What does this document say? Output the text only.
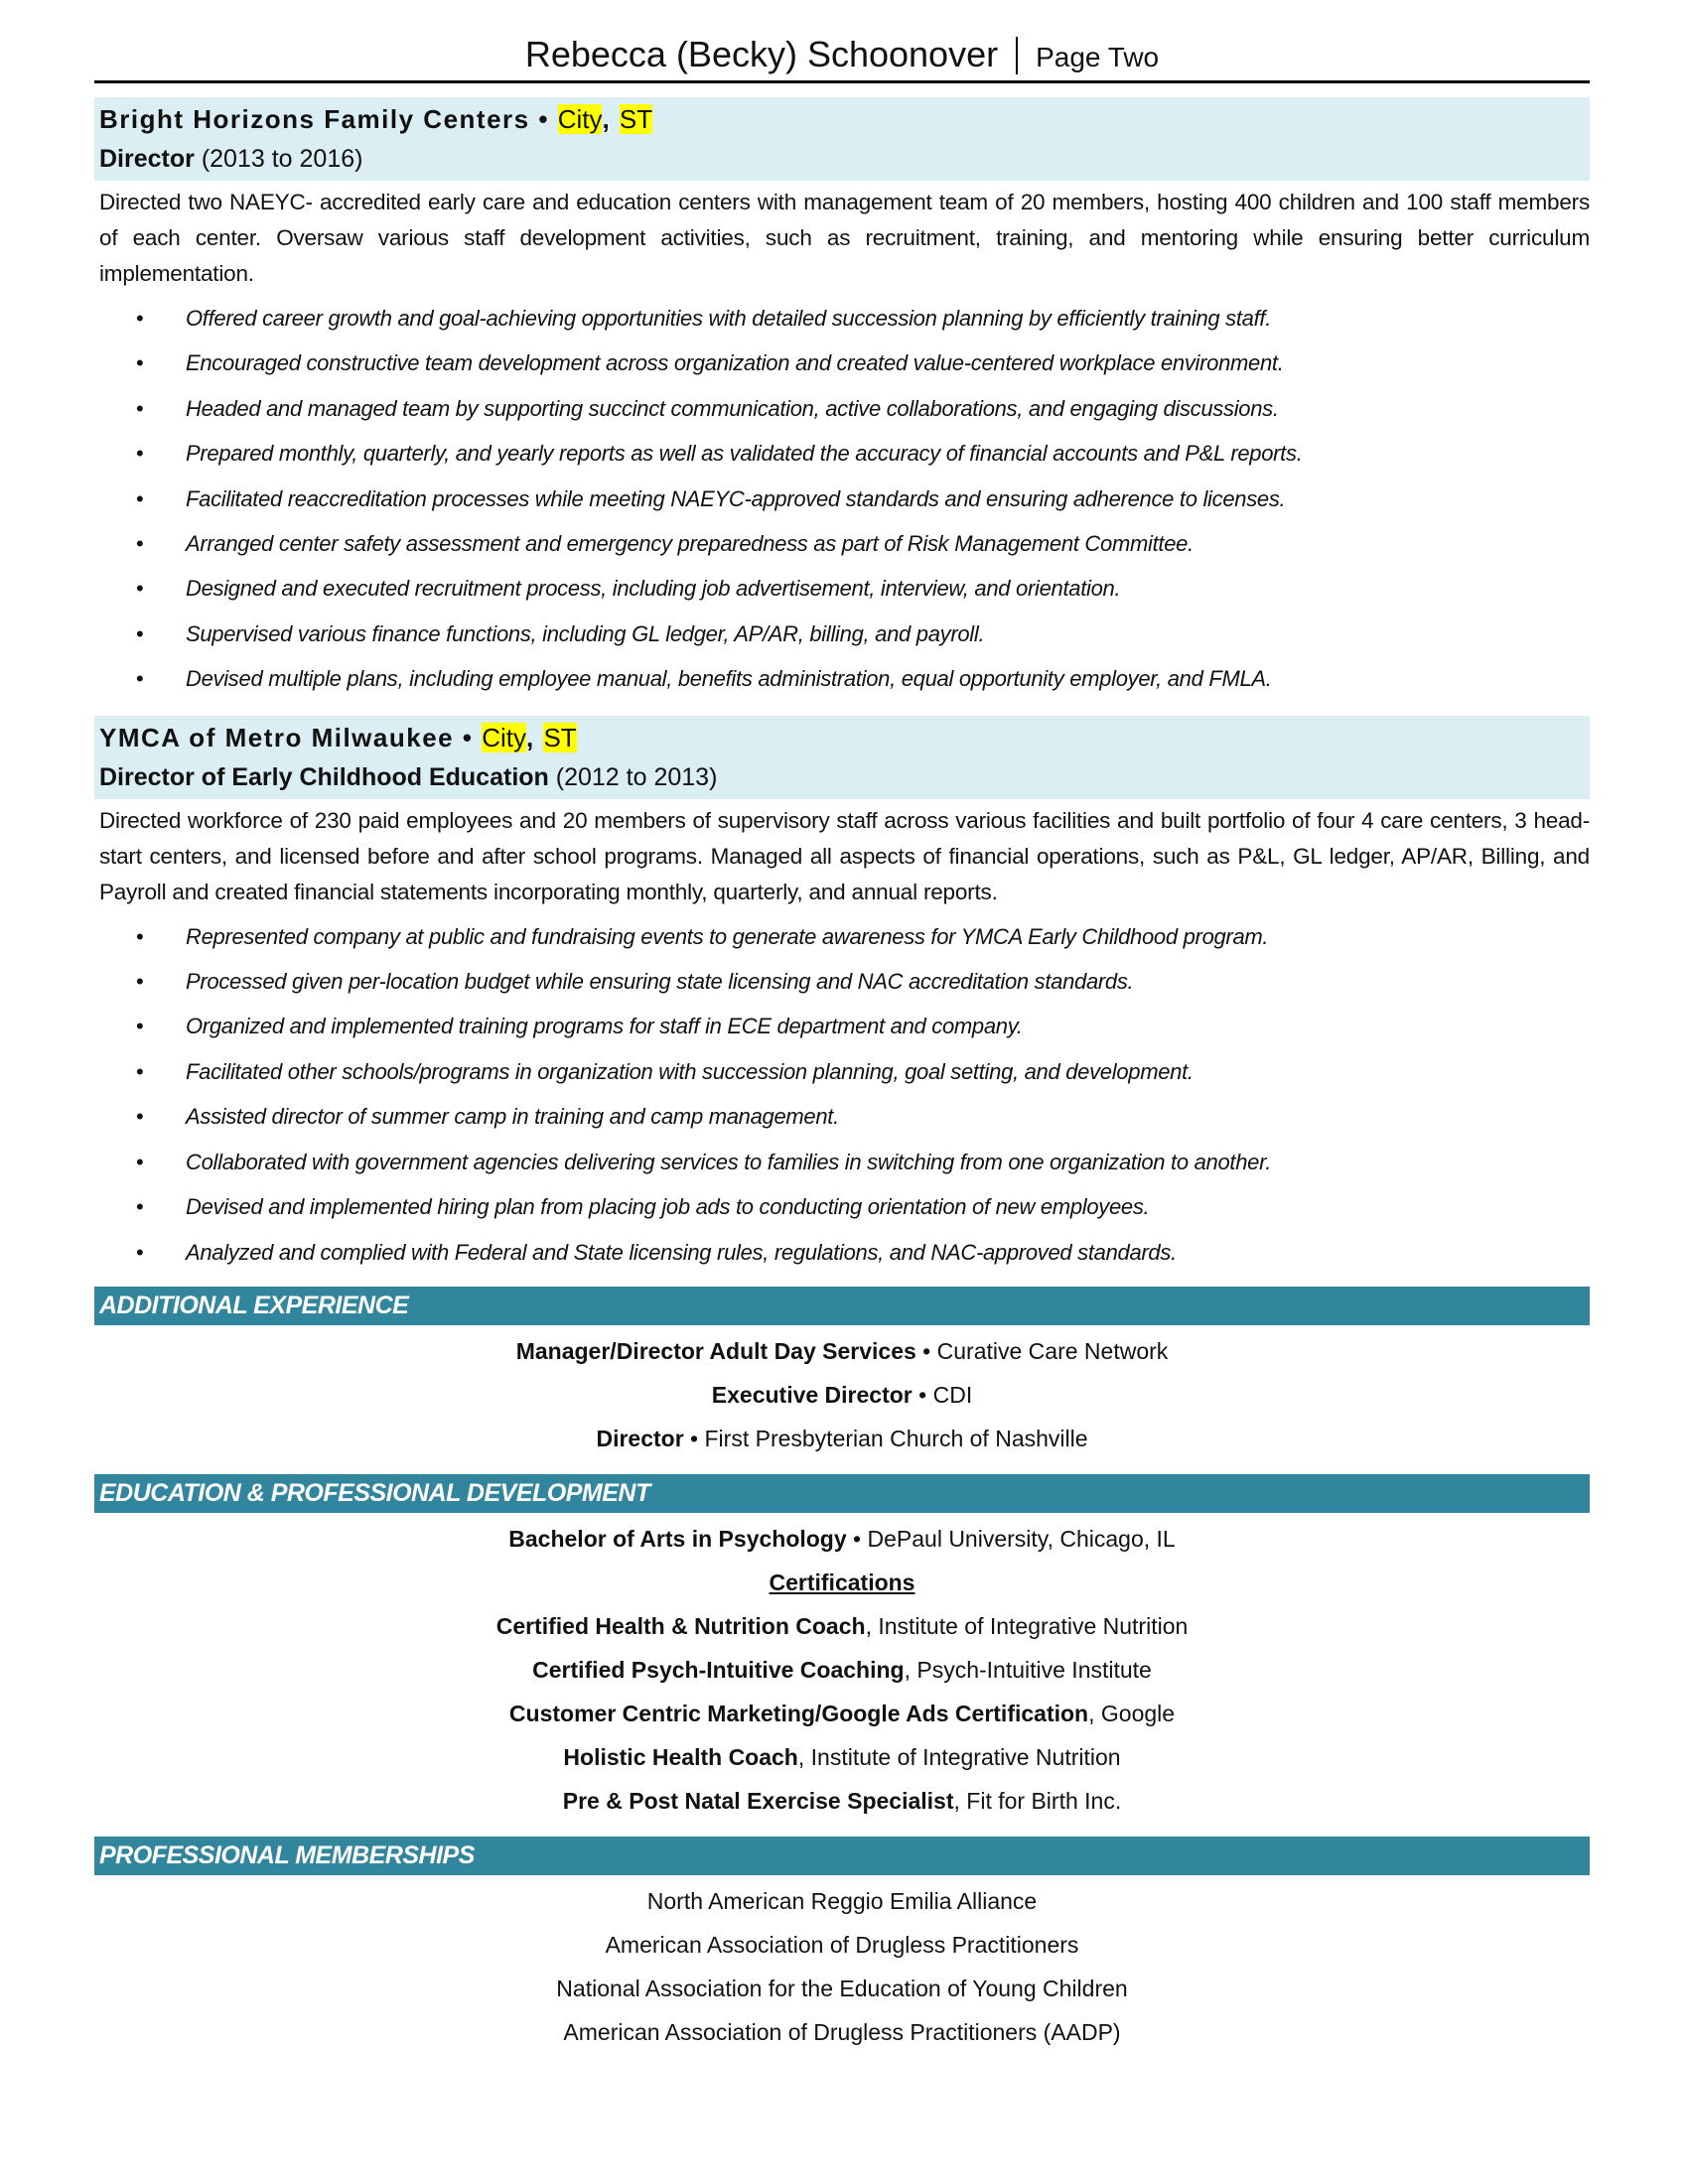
Rebecca (Becky) Schoonover Page Two
Bright Horizons Family Centers • City, ST
Director (2013 to 2016)
Directed two NAEYC- accredited early care and education centers with management team of 20 members, hosting 400 children and 100 staff members of each center. Oversaw various staff development activities, such as recruitment, training, and mentoring while ensuring better curriculum implementation.
• Offered career growth and goal-achieving opportunities with detailed succession planning by efficiently training staff.
• Encouraged constructive team development across organization and created value-centered workplace environment.
• Headed and managed team by supporting succinct communication, active collaborations, and engaging discussions.
• Prepared monthly, quarterly, and yearly reports as well as validated the accuracy of financial accounts and P&L reports.
• Facilitated reaccreditation processes while meeting NAEYC-approved standards and ensuring adherence to licenses.
• Arranged center safety assessment and emergency preparedness as part of Risk Management Committee.
• Designed and executed recruitment process, including job advertisement, interview, and orientation.
• Supervised various finance functions, including GL ledger, AP/AR, billing, and payroll.
• Devised multiple plans, including employee manual, benefits administration, equal opportunity employer, and FMLA.
YMCA of Metro Milwaukee • City, ST
Director of Early Childhood Education (2012 to 2013)
Directed workforce of 230 paid employees and 20 members of supervisory staff across various facilities and built portfolio of four 4 care centers, 3 head-start centers, and licensed before and after school programs. Managed all aspects of financial operations, such as P&L, GL ledger, AP/AR, Billing, and Payroll and created financial statements incorporating monthly, quarterly, and annual reports.
• Represented company at public and fundraising events to generate awareness for YMCA Early Childhood program.
• Processed given per-location budget while ensuring state licensing and NAC accreditation standards.
• Organized and implemented training programs for staff in ECE department and company.
• Facilitated other schools/programs in organization with succession planning, goal setting, and development.
• Assisted director of summer camp in training and camp management.
• Collaborated with government agencies delivering services to families in switching from one organization to another.
• Devised and implemented hiring plan from placing job ads to conducting orientation of new employees.
• Analyzed and complied with Federal and State licensing rules, regulations, and NAC-approved standards.
ADDITIONAL EXPERIENCE
Manager/Director Adult Day Services • Curative Care Network
Executive Director • CDI
Director • First Presbyterian Church of Nashville
EDUCATION & PROFESSIONAL DEVELOPMENT
Bachelor of Arts in Psychology • DePaul University, Chicago, IL
Certifications
Certified Health & Nutrition Coach, Institute of Integrative Nutrition
Certified Psych-Intuitive Coaching, Psych-Intuitive Institute
Customer Centric Marketing/Google Ads Certification, Google
Holistic Health Coach, Institute of Integrative Nutrition
Pre & Post Natal Exercise Specialist, Fit for Birth Inc.
PROFESSIONAL MEMBERSHIPS
North American Reggio Emilia Alliance
American Association of Drugless Practitioners
National Association for the Education of Young Children
American Association of Drugless Practitioners (AADP)
